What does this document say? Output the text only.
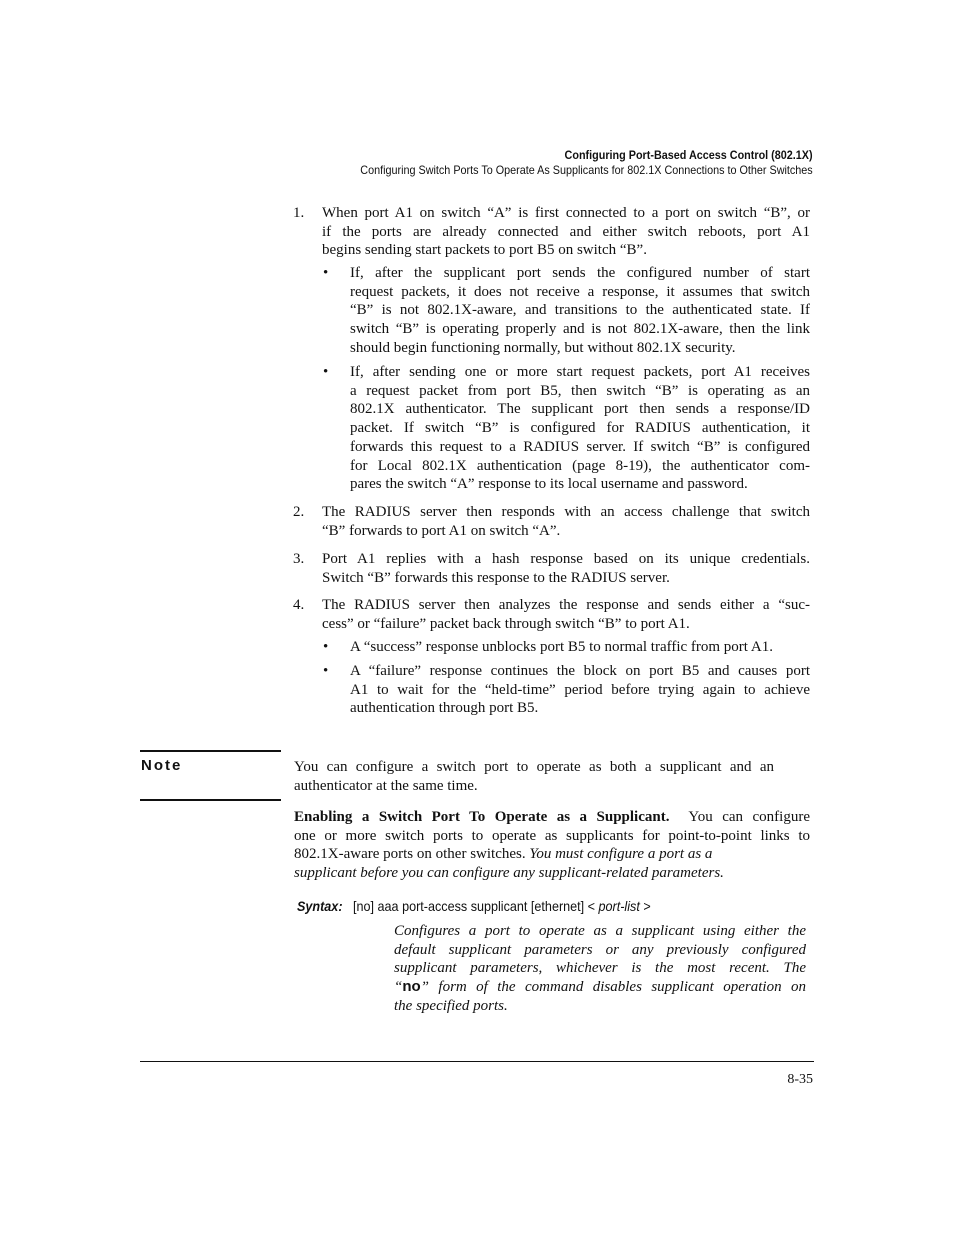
Configuring Port-Based Access Control (802.1X)
Configuring Switch Ports To Operate As Supplicants for 802.1X Connections to Other Switches
1. When port A1 on switch “A” is first connected to a port on switch “B”, or
if the ports are already connected and either switch reboots, port A1
begins sending start packets to port B5 on switch “B”.
• If, after the supplicant port sends the configured number of start
request packets, it does not receive a response, it assumes that switch
“B” is not 802.1X-aware, and transitions to the authenticated state. If
switch “B” is operating properly and is not 802.1X-aware, then the link
should begin functioning normally, but without 802.1X security.
• If, after sending one or more start request packets, port A1 receives
a request packet from port B5, then switch “B” is operating as an
802.1X authenticator. The supplicant port then sends a response/ID
packet. If switch “B” is configured for RADIUS authentication, it
forwards this request to a RADIUS server. If switch “B” is configured
for Local 802.1X authentication (page 8-19), the authenticator com-
pares the switch “A” response to its local username and password.
2. The RADIUS server then responds with an access challenge that switch
“B” forwards to port A1 on switch “A”.
3. Port A1 replies with a hash response based on its unique credentials.
Switch “B” forwards this response to the RADIUS server.
4. The RADIUS server then analyzes the response and sends either a “suc-
cess” or “failure” packet back through switch “B” to port A1.
• A “success” response unblocks port B5 to normal traffic from port A1.
• A “failure” response continues the block on port B5 and causes port
A1 to wait for the “held-time” period before trying again to achieve
authentication through port B5.
Note	You can configure a switch port to operate as both a supplicant and an
authenticator at the same time.
Enabling a Switch Port To Operate as a Supplicant. You can configure
one or more switch ports to operate as supplicants for point-to-point links to
802.1X-aware ports on other switches. You must configure a port as a
supplicant before you can configure any supplicant-related parameters.
Syntax: [no] aaa port-access supplicant [ethernet] < port-list >
Configures a port to operate as a supplicant using either the
default supplicant parameters or any previously configured
supplicant parameters, whichever is the most recent. The
“no” form of the command disables supplicant operation on
the specified ports.
8-35
